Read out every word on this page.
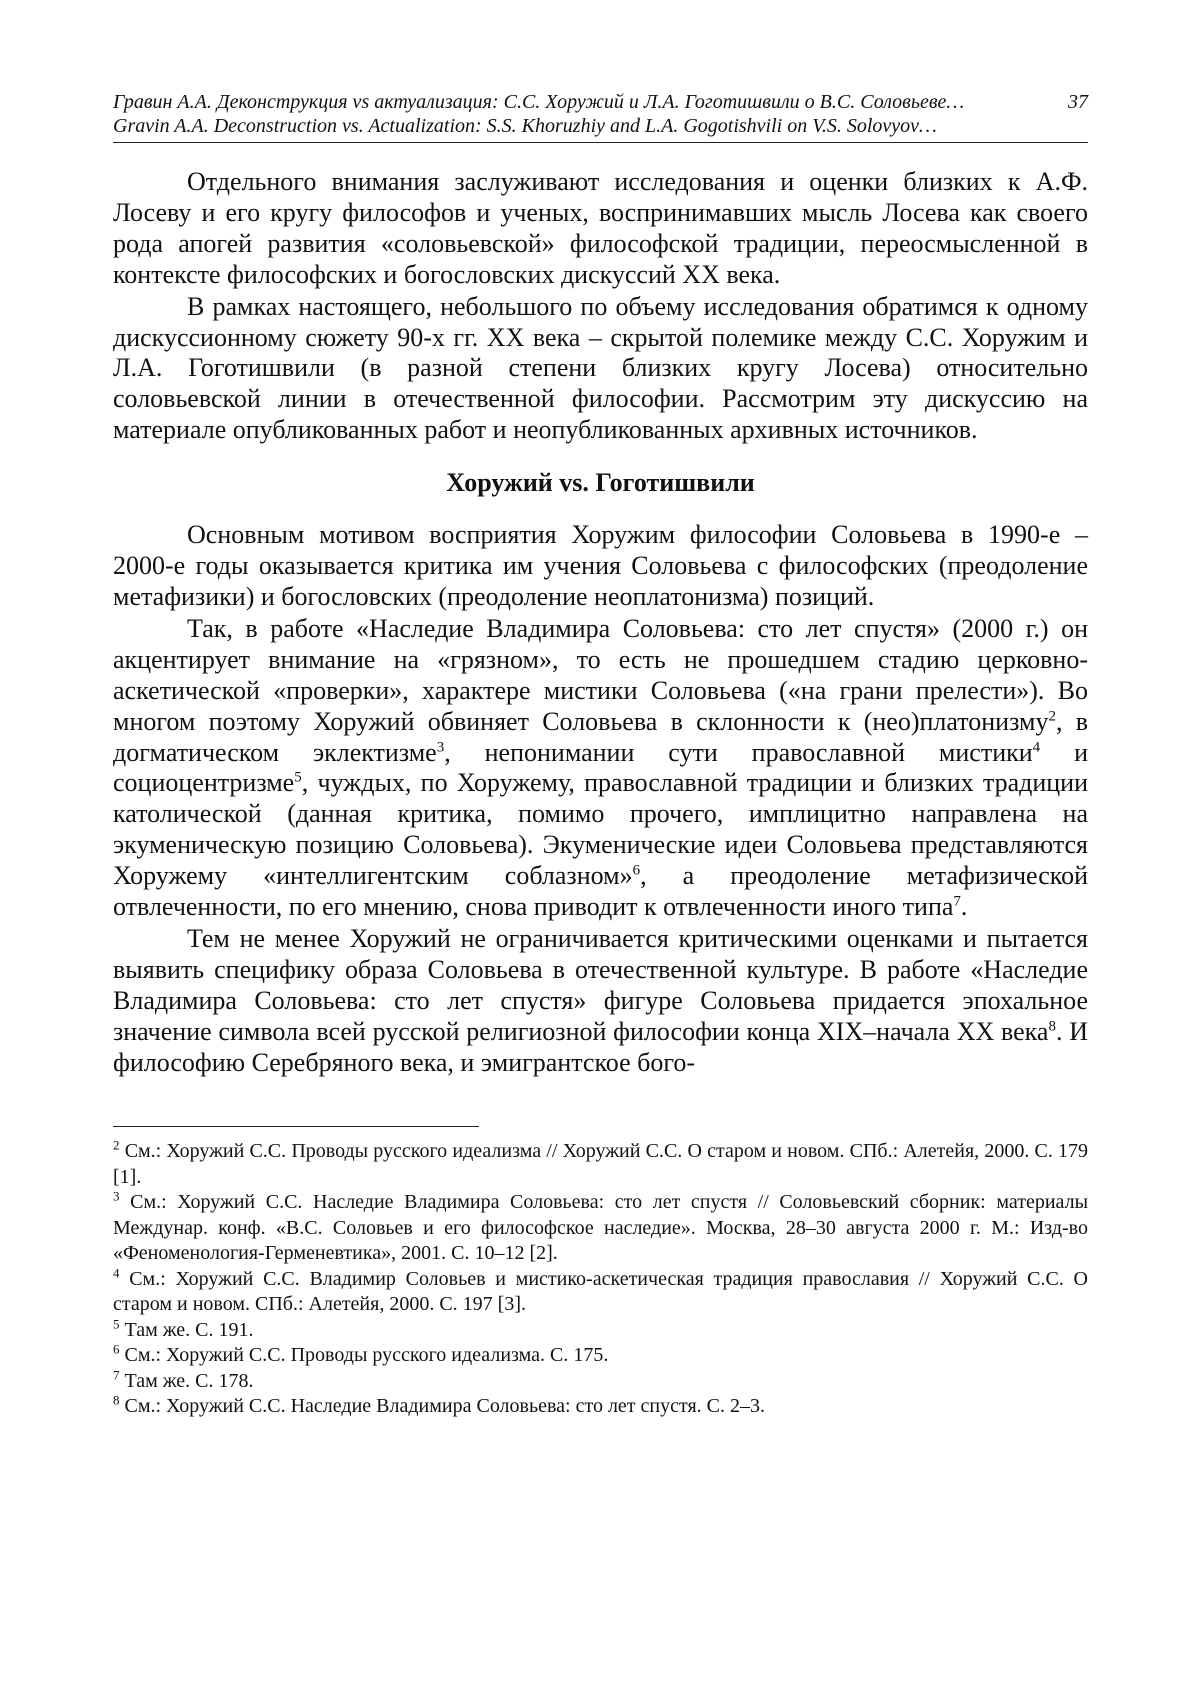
Гравин А.А. Деконструкция vs актуализация: С.С. Хоружий и Л.А. Гоготишвили о В.С. Соловьеве…	37
Gravin A.A. Deconstruction vs. Actualization: S.S. Khoruzhiy and L.A. Gogotishvili on V.S. Solovyov…

Отдельного внимания заслуживают исследования и оценки близких к А.Ф. Лосеву и его кругу философов и ученых, воспринимавших мысль Лосева как своего рода апогей развития «соловьевской» философской традиции, переосмысленной в контексте философских и богословских дискуссий XX века.

В рамках настоящего, небольшого по объему исследования обратимся к одному дискуссионному сюжету 90-х гг. XX века – скрытой полемике между С.С. Хоружим и Л.А. Гоготишвили (в разной степени близких кругу Лосева) относительно соловьевской линии в отечественной философии. Рассмотрим эту дискуссию на материале опубликованных работ и неопубликованных архивных источников.

Хоружий vs. Гоготишвили

Основным мотивом восприятия Хоружим философии Соловьева в 1990-е – 2000-е годы оказывается критика им учения Соловьева с философских (преодоление метафизики) и богословских (преодоление неоплатонизма) позиций.

Так, в работе «Наследие Владимира Соловьева: сто лет спустя» (2000 г.) он акцентирует внимание на «грязном», то есть не прошедшем стадию церковно-аскетической «проверки», характере мистики Соловьева («на грани прелести»). Во многом поэтому Хоружий обвиняет Соловьева в склонности к (нео)платонизму$^2$, в догматическом эклектизме$^3$, непонимании сути православной мистики$^4$ и социоцентризме$^5$, чуждых, по Хоружему, православной традиции и близких традиции католической (данная критика, помимо прочего, имплицитно направлена на экуменическую позицию Соловьева). Экуменические идеи Соловьева представляются Хоружему «интеллигентским соблазном»$^6$, а преодоление метафизической отвлеченности, по его мнению, снова приводит к отвлеченности иного типа$^7$.

Тем не менее Хоружий не ограничивается критическими оценками и пытается выявить специфику образа Соловьева в отечественной культуре. В работе «Наследие Владимира Соловьева: сто лет спустя» фигуре Соловьева придается эпохальное значение символа всей русской религиозной философии конца XIX–начала XX века$^8$. И философию Серебряного века, и эмигрантское бого-

$^2$ См.: Хоружий С.С. Проводы русского идеализма // Хоружий С.С. О старом и новом. СПб.: Алетейя, 2000. С. 179 [1].
$^3$ См.: Хоружий С.С. Наследие Владимира Соловьева: сто лет спустя // Соловьевский сборник: материалы Междунар. конф. «В.С. Соловьев и его философское наследие». Москва, 28–30 августа 2000 г. М.: Изд-во «Феноменология-Герменевтика», 2001. С. 10–12 [2].
$^4$ См.: Хоружий С.С. Владимир Соловьев и мистико-аскетическая традиция православия // Хоружий С.С. О старом и новом. СПб.: Алетейя, 2000. С. 197 [3].
$^5$ Там же. С. 191.
$^6$ См.: Хоружий С.С. Проводы русского идеализма. С. 175.
$^7$ Там же. С. 178.
$^8$ См.: Хоружий С.С. Наследие Владимира Соловьева: сто лет спустя. С. 2–3.
